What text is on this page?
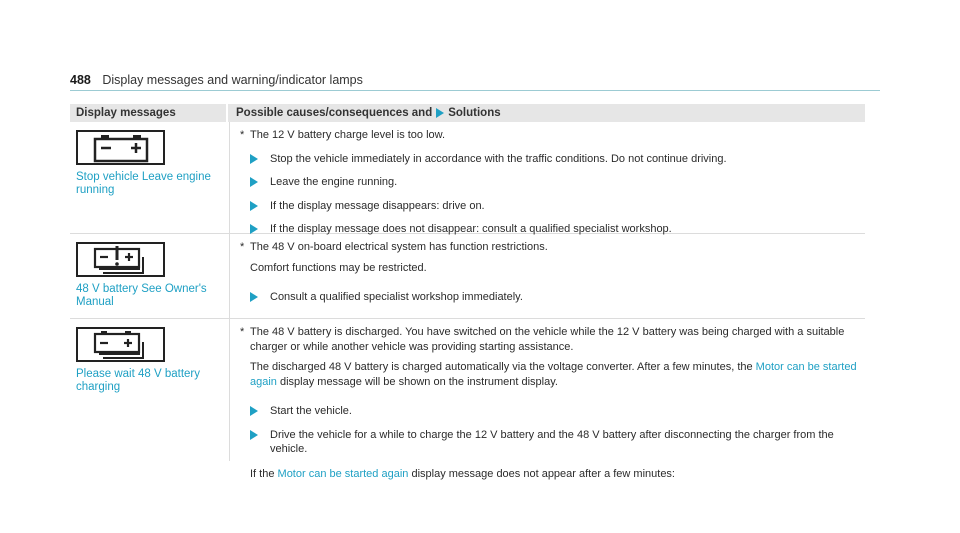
488 Display messages and warning/indicator lamps
Display messages	Possible causes/consequences and Solutions
Stop vehicle Leave engine running
* The 12 V battery charge level is too low.
Stop the vehicle immediately in accordance with the traffic conditions. Do not continue driving.
Leave the engine running.
If the display message disappears: drive on.
If the display message does not disappear: consult a qualified specialist workshop.
48 V battery See Owner's Manual
* The 48 V on-board electrical system has function restrictions.

Comfort functions may be restricted.

Consult a qualified specialist workshop immediately.
Please wait 48 V battery charging
* The 48 V battery is discharged. You have switched on the vehicle while the 12 V battery was being charged with a suitable charger or while another vehicle was providing starting assistance.

The discharged 48 V battery is charged automatically via the voltage converter. After a few minutes, the Motor can be started again display message will be shown on the instrument display.

Start the vehicle.
Drive the vehicle for a while to charge the 12 V battery and the 48 V battery after disconnecting the charger from the vehicle.
If the Motor can be started again display message does not appear after a few minutes:
